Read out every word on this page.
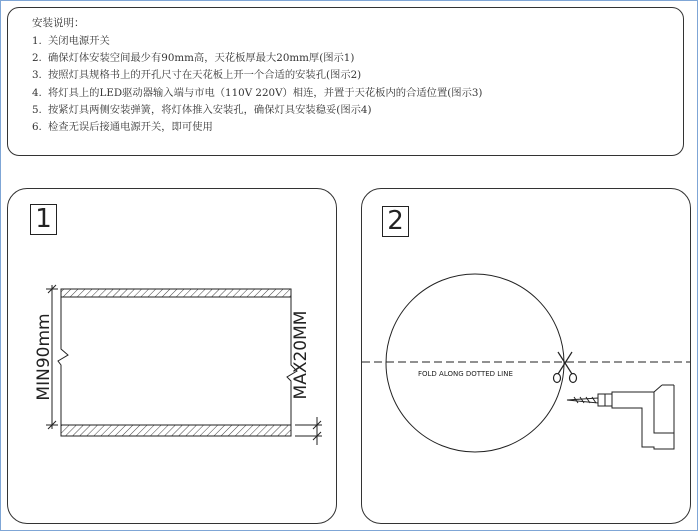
安装说明：
1. 关闭电源开关
2. 确保灯体安装空间最少有90mm高，天花板厚最大20mm厚(图示1)
3. 按照灯具规格书上的开孔尺寸在天花板上开一个合适的安装孔(图示2)
4. 将灯具上的LED驱动器输入端与市电（110V 220V）相连，并置于天花板内的合适位置(图示3)
5. 按紧灯具两侧安装弹簧，将灯体推入安装孔，确保灯具安装稳妥(图示4)
6. 检查无误后接通电源开关，即可使用
1
MIN90mm	MAX20MM
2
FOLD ALONG DOTTED LINE
